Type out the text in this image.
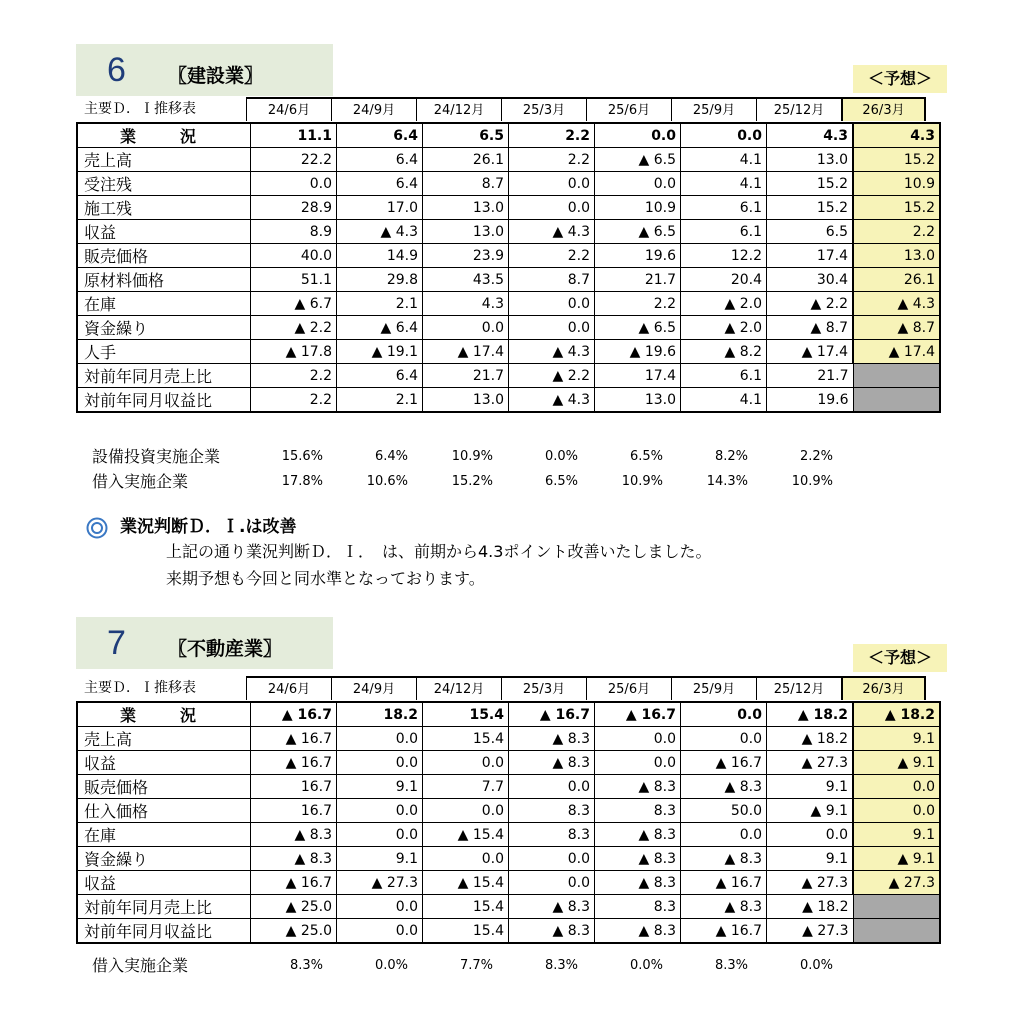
6 〖建設業〗	＜予想＞
主要Ｄ．Ｉ推移表	24/6月	24/9月	24/12月	25/3月	25/6月	25/9月	25/12月	26/3月
業　況	11.1	6.4	6.5	2.2	0.0	0.0	4.3	4.3
売上高	22.2	6.4	26.1	2.2	▲ 6.5	4.1	13.0	15.2
受注残	0.0	6.4	8.7	0.0	0.0	4.1	15.2	10.9
施工残	28.9	17.0	13.0	0.0	10.9	6.1	15.2	15.2
収益	8.9	▲ 4.3	13.0	▲ 4.3	▲ 6.5	6.1	6.5	2.2
販売価格	40.0	14.9	23.9	2.2	19.6	12.2	17.4	13.0
原材料価格	51.1	29.8	43.5	8.7	21.7	20.4	30.4	26.1
在庫	▲ 6.7	2.1	4.3	0.0	2.2	▲ 2.0	▲ 2.2	▲ 4.3
資金繰り	▲ 2.2	▲ 6.4	0.0	0.0	▲ 6.5	▲ 2.0	▲ 8.7	▲ 8.7
人手	▲ 17.8	▲ 19.1	▲ 17.4	▲ 4.3	▲ 19.6	▲ 8.2	▲ 17.4	▲ 17.4
対前年同月売上比	2.2	6.4	21.7	▲ 2.2	17.4	6.1	21.7	
対前年同月収益比	2.2	2.1	13.0	▲ 4.3	13.0	4.1	19.6	
設備投資実施企業	15.6%	6.4%	10.9%	0.0%	6.5%	8.2%	2.2%
借入実施企業	17.8%	10.6%	15.2%	6.5%	10.9%	14.3%	10.9%
業況判断Ｄ．Ｉ.は改善
上記の通り業況判断Ｄ．Ｉ．　は、前期から4.3ポイント改善いたしました。
来期予想も今回と同水準となっております。
7 〖不動産業〗	＜予想＞
主要Ｄ．Ｉ推移表	24/6月	24/9月	24/12月	25/3月	25/6月	25/9月	25/12月	26/3月
業　況	▲ 16.7	18.2	15.4	▲ 16.7	▲ 16.7	0.0	▲ 18.2	▲ 18.2
売上高	▲ 16.7	0.0	15.4	▲ 8.3	0.0	0.0	▲ 18.2	9.1
収益	▲ 16.7	0.0	0.0	▲ 8.3	0.0	▲ 16.7	▲ 27.3	▲ 9.1
販売価格	16.7	9.1	7.7	0.0	▲ 8.3	▲ 8.3	9.1	0.0
仕入価格	16.7	0.0	0.0	8.3	8.3	50.0	▲ 9.1	0.0
在庫	▲ 8.3	0.0	▲ 15.4	8.3	▲ 8.3	0.0	0.0	9.1
資金繰り	▲ 8.3	9.1	0.0	0.0	▲ 8.3	▲ 8.3	9.1	▲ 9.1
収益	▲ 16.7	▲ 27.3	▲ 15.4	0.0	▲ 8.3	▲ 16.7	▲ 27.3	▲ 27.3
対前年同月売上比	▲ 25.0	0.0	15.4	▲ 8.3	8.3	▲ 8.3	▲ 18.2	
対前年同月収益比	▲ 25.0	0.0	15.4	▲ 8.3	▲ 8.3	▲ 16.7	▲ 27.3	
借入実施企業	8.3%	0.0%	7.7%	8.3%	0.0%	8.3%	0.0%
